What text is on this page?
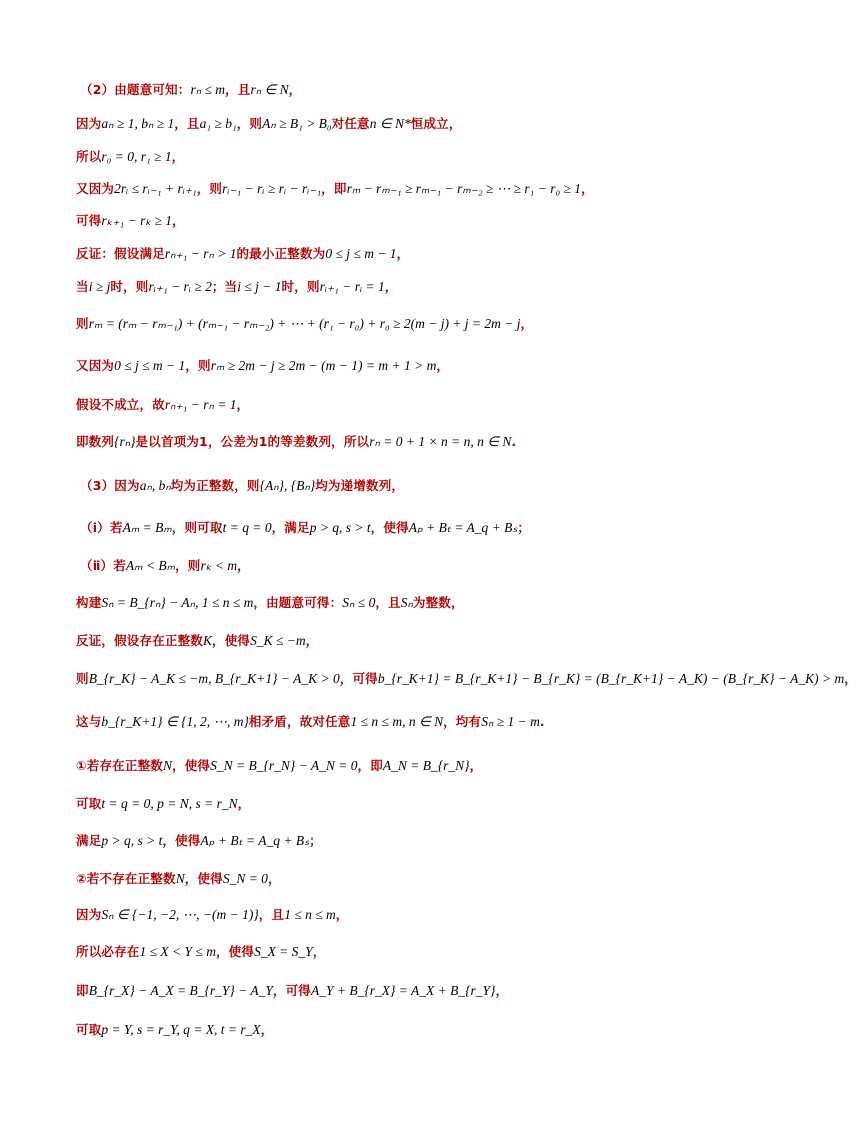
（2）由题意可知：rₙ ≤ m，且rₙ ∈ N，
因为aₙ ≥ 1, bₙ ≥ 1，且a₁ ≥ b₁，则Aₙ ≥ B₁ > B₀对任意n ∈ N*恒成立，
所以r₀ = 0, r₁ ≥ 1，
又因为2rᵢ ≤ rᵢ₋₁ + rᵢ₊₁，则rᵢ₋₁ − rᵢ ≥ rᵢ − rᵢ₋₁，即rₘ − rₘ₋₁ ≥ rₘ₋₁ − rₘ₋₂ ≥ ⋯ ≥ r₁ − r₀ ≥ 1，
可得rₖ₊₁ − rₖ ≥ 1，
反证：假设满足rₙ₊₁ − rₙ > 1的最小正整数为0 ≤ j ≤ m − 1，
当i ≥ j时，则rᵢ₊₁ − rᵢ ≥ 2；当i ≤ j − 1时，则rᵢ₊₁ − rᵢ = 1，
则rₘ = (rₘ − rₘ₋₁) + (rₘ₋₁ − rₘ₋₂) + ⋯ + (r₁ − r₀) + r₀ ≥ 2(m − j) + j = 2m − j，
又因为0 ≤ j ≤ m − 1，则rₘ ≥ 2m − j ≥ 2m − (m − 1) = m + 1 > m，
假设不成立，故rₙ₊₁ − rₙ = 1，
即数列{rₙ}是以首项为1，公差为1的等差数列，所以rₙ = 0 + 1 × n = n, n ∈ N.
（3）因为aₙ, bₙ均为正整数，则{Aₙ}, {Bₙ}均为递增数列，
（ⅰ）若Aₘ = Bₘ，则可取t = q = 0，满足p > q, s > t，使得Aₚ + Bₜ = A_q + Bₛ；
（ⅱ）若Aₘ < Bₘ，则rₖ < m，
构建Sₙ = B_{rₙ} − Aₙ, 1 ≤ n ≤ m，由题意可得：Sₙ ≤ 0，且Sₙ为整数，
反证，假设存在正整数K，使得S_K ≤ −m，
则B_{r_K} − A_K ≤ −m, B_{r_K+1} − A_K > 0，可得b_{r_K+1} = B_{r_K+1} − B_{r_K} = (B_{r_K+1} − A_K) − (B_{r_K} − A_K) > m，
这与b_{r_K+1} ∈ {1, 2, ⋯, m}相矛盾，故对任意1 ≤ n ≤ m, n ∈ N，均有Sₙ ≥ 1 − m.
①若存在正整数N，使得S_N = B_{r_N} − A_N = 0，即A_N = B_{r_N}，
可取t = q = 0, p = N, s = r_N，
满足p > q, s > t，使得Aₚ + Bₜ = A_q + Bₛ；
②若不存在正整数N，使得S_N = 0，
因为Sₙ ∈ {−1, −2, ⋯, −(m − 1)}，且1 ≤ n ≤ m，
所以必存在1 ≤ X < Y ≤ m，使得S_X = S_Y，
即B_{r_X} − A_X = B_{r_Y} − A_Y，可得A_Y + B_{r_X} = A_X + B_{r_Y}，
可取p = Y, s = r_Y, q = X, t = r_X，
